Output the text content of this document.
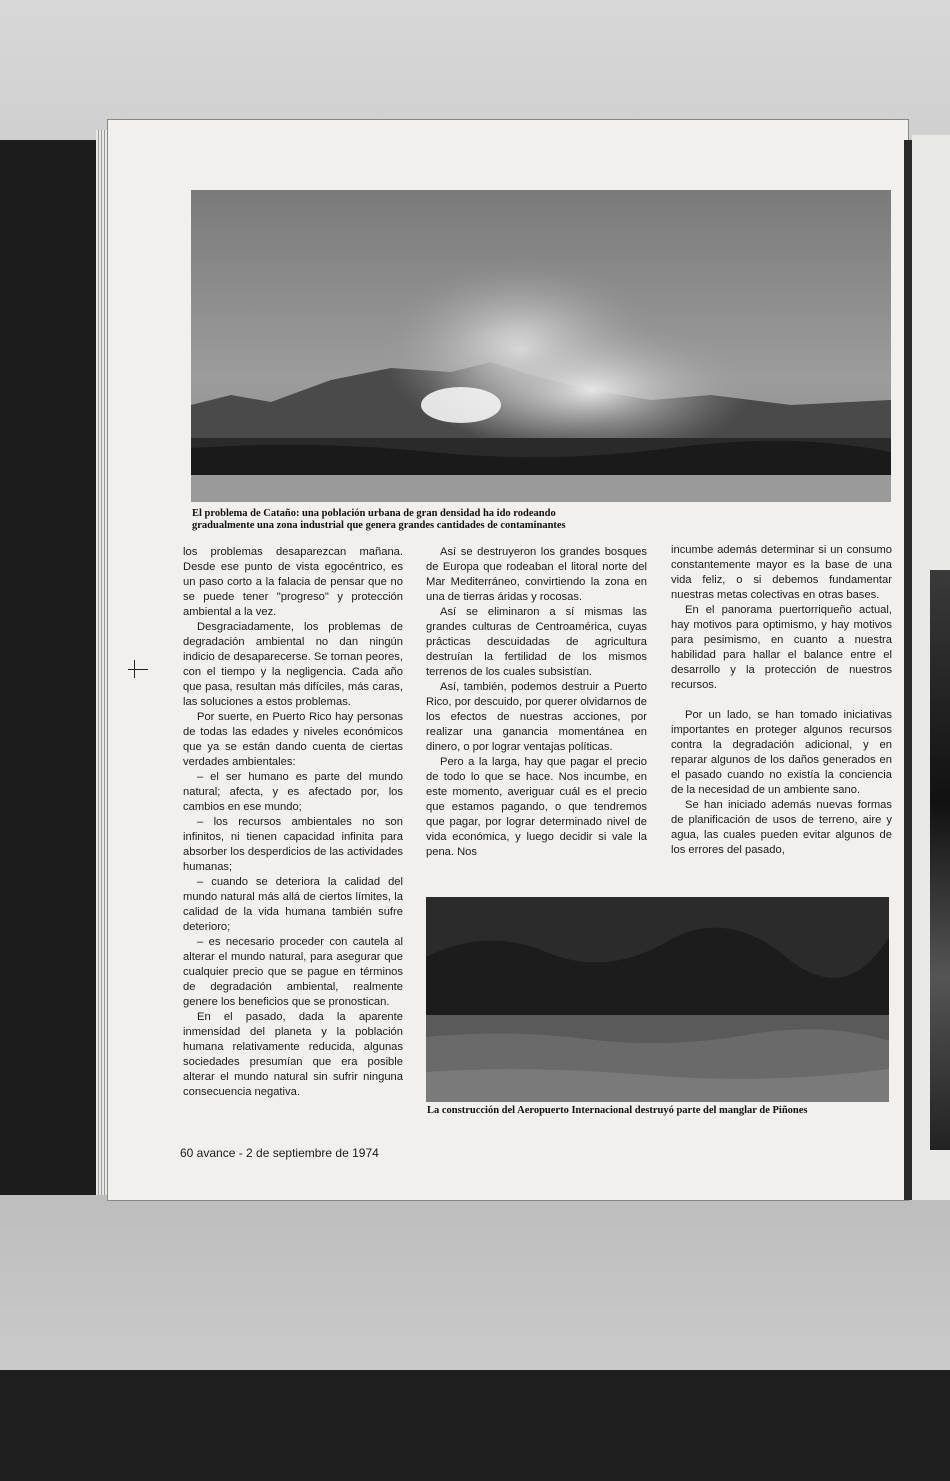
El problema de Cataño: una población urbana de gran densidad ha ido rodeando
gradualmente una zona industrial que genera grandes cantidades de contaminantes

los problemas desaparezcan mañana. Desde ese punto de vista egocéntrico, es un paso corto a la falacia de pensar que no se puede tener "progreso" y protección ambiental a la vez.

Desgraciadamente, los problemas de degradación ambiental no dan ningún indicio de desaparecerse. Se tornan peores, con el tiempo y la negligencia. Cada año que pasa, resultan más difíciles, más caras, las soluciones a estos problemas.

Por suerte, en Puerto Rico hay personas de todas las edades y niveles económicos que ya se están dando cuenta de ciertas verdades ambientales:

– el ser humano es parte del mundo natural; afecta, y es afectado por, los cambios en ese mundo;

– los recursos ambientales no son infinitos, ni tienen capacidad infinita para absorber los desperdicios de las actividades humanas;

– cuando se deteriora la calidad del mundo natural más allá de ciertos límites, la calidad de la vida humana también sufre deterioro;

– es necesario proceder con cautela al alterar el mundo natural, para asegurar que cualquier precio que se pague en términos de degradación ambiental, realmente genere los beneficios que se pronostican.

En el pasado, dada la aparente inmensidad del planeta y la población humana relativamente reducida, algunas sociedades presumían que era posible alterar el mundo natural sin sufrir ninguna consecuencia negativa.

Así se destruyeron los grandes bosques de Europa que rodeaban el litoral norte del Mar Mediterráneo, convirtiendo la zona en una de tierras áridas y rocosas.

Así se eliminaron a sí mismas las grandes culturas de Centroamérica, cuyas prácticas descuidadas de agricultura destruían la fertilidad de los mismos terrenos de los cuales subsistían.

Así, también, podemos destruir a Puerto Rico, por descuido, por querer olvidarnos de los efectos de nuestras acciones, por realizar una ganancia momentánea en dinero, o por lograr ventajas políticas.

Pero a la larga, hay que pagar el precio de todo lo que se hace. Nos incumbe, en este momento, averiguar cuál es el precio que estamos pagando, o que tendremos que pagar, por lograr determinado nivel de vida económica, y luego decidir si vale la pena. Nos

incumbe además determinar si un consumo constantemente mayor es la base de una vida feliz, o si debemos fundamentar nuestras metas colectivas en otras bases.

En el panorama puertorriqueño actual, hay motivos para optimismo, y hay motivos para pesimismo, en cuanto a nuestra habilidad para hallar el balance entre el desarrollo y la protección de nuestros recursos.

Por un lado, se han tomado iniciativas importantes en proteger algunos recursos contra la degradación adicional, y en reparar algunos de los daños generados en el pasado cuando no existía la conciencia de la necesidad de un ambiente sano.

Se han iniciado además nuevas formas de planificación de usos de terreno, aire y agua, las cuales pueden evitar algunos de los errores del pasado,

La construcción del Aeropuerto Internacional destruyó parte del manglar de Piñones
60 avance - 2 de septiembre de 1974
